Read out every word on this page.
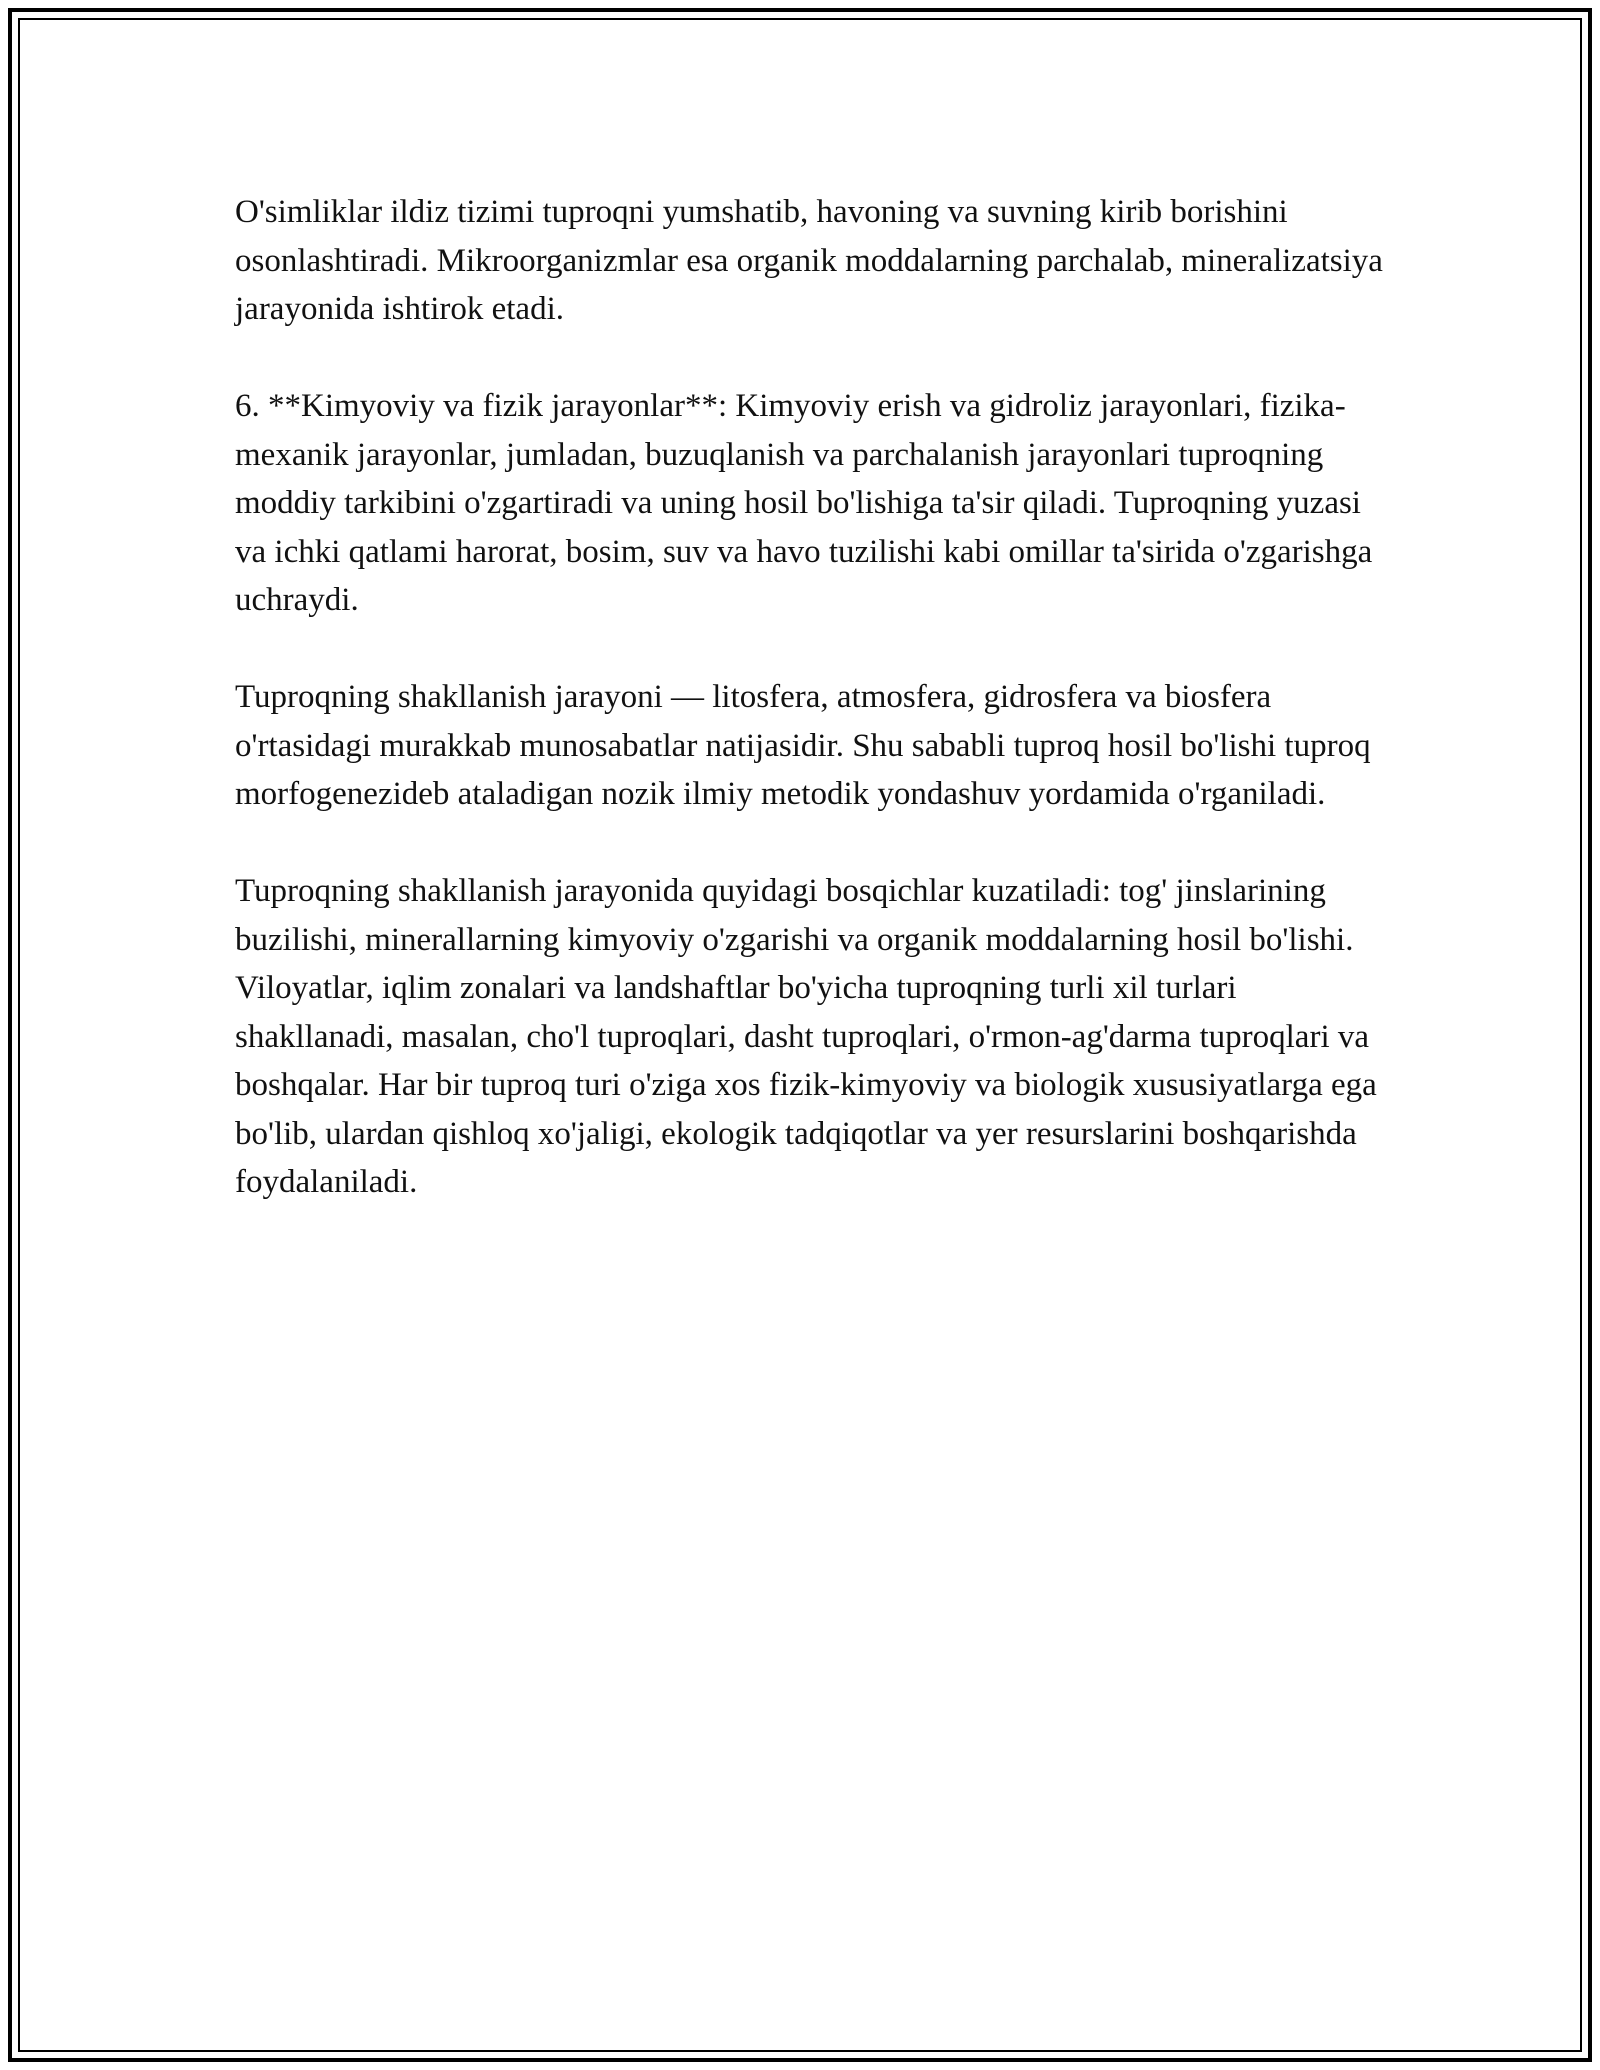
O'simliklar ildiz tizimi tuproqni yumshatib, havoning va suvning kirib borishini osonlashtiradi. Mikroorganizmlar esa organik moddalarning parchalab, mineralizatsiya jarayonida ishtirok etadi.

6. **Kimyoviy va fizik jarayonlar**: Kimyoviy erish va gidroliz jarayonlari, fizika-mexanik jarayonlar, jumladan, buzuqlanish va parchalanish jarayonlari tuproqning moddiy tarkibini o'zgartiradi va uning hosil bo'lishiga ta'sir qiladi. Tuproqning yuzasi va ichki qatlami harorat, bosim, suv va havo tuzilishi kabi omillar ta'sirida o'zgarishga uchraydi.

Tuproqning shakllanish jarayoni — litosfera, atmosfera, gidrosfera va biosfera o'rtasidagi murakkab munosabatlar natijasidir. Shu sababli tuproq hosil bo'lishi tuproq morfogenezideb ataladigan nozik ilmiy metodik yondashuv yordamida o'rganiladi.

Tuproqning shakllanish jarayonida quyidagi bosqichlar kuzatiladi: tog' jinslarining buzilishi, minerallarning kimyoviy o'zgarishi va organik moddalarning hosil bo'lishi. Viloyatlar, iqlim zonalari va landshaftlar bo'yicha tuproqning turli xil turlari shakllanadi, masalan, cho'l tuproqlari, dasht tuproqlari, o'rmon-ag'darma tuproqlari va boshqalar. Har bir tuproq turi o'ziga xos fizik-kimyoviy va biologik xususiyatlarga ega bo'lib, ulardan qishloq xo'jaligi, ekologik tadqiqotlar va yer resurslarini boshqarishda foydalaniladi.
